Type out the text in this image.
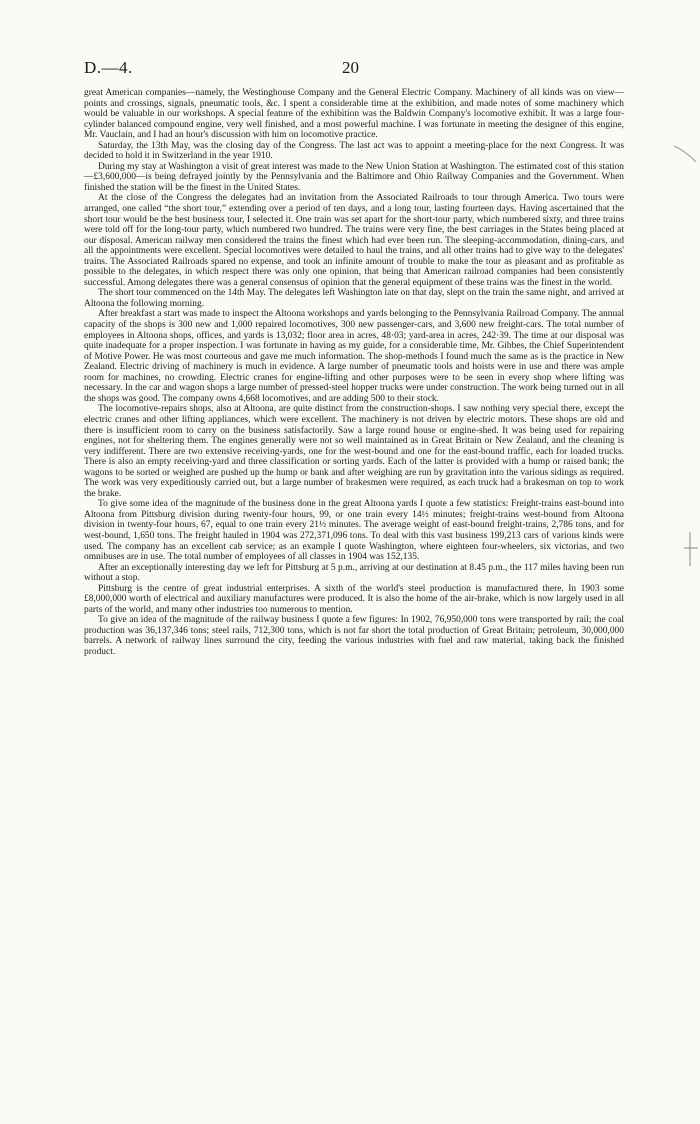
D.—4.	20

great American companies—namely, the Westinghouse Company and the General Electric Company. Machinery of all kinds was on view—points and crossings, signals, pneumatic tools, &c. I spent a considerable time at the exhibition, and made notes of some machinery which would be valuable in our workshops. A special feature of the exhibition was the Baldwin Company's locomotive exhibit. It was a large four-cylinder balanced compound engine, very well finished, and a most powerful machine. I was fortunate in meeting the designer of this engine, Mr. Vauclain, and I had an hour's discussion with him on locomotive practice.

Saturday, the 13th May, was the closing day of the Congress. The last act was to appoint a meeting-place for the next Congress. It was decided to hold it in Switzerland in the year 1910.

During my stay at Washington a visit of great interest was made to the New Union Station at Washington. The estimated cost of this station—£3,600,000—is being defrayed jointly by the Pennsylvania and the Baltimore and Ohio Railway Companies and the Government. When finished the station will be the finest in the United States.

At the close of the Congress the delegates had an invitation from the Associated Railroads to tour through America. Two tours were arranged, one called “the short tour,” extending over a period of ten days, and a long tour, lasting fourteen days. Having ascertained that the short tour would be the best business tour, I selected it. One train was set apart for the short-tour party, which numbered sixty, and three trains were told off for the long-tour party, which numbered two hundred. The trains were very fine, the best carriages in the States being placed at our disposal. American railway men considered the trains the finest which had ever been run. The sleeping-accommodation, dining-cars, and all the appointments were excellent. Special locomotives were detailed to haul the trains, and all other trains had to give way to the delegates' trains. The Associated Railroads spared no expense, and took an infinite amount of trouble to make the tour as pleasant and as profitable as possible to the delegates, in which respect there was only one opinion, that being that American railroad companies had been consistently successful. Among delegates there was a general consensus of opinion that the general equipment of these trains was the finest in the world.

The short tour commenced on the 14th May. The delegates left Washington late on that day, slept on the train the same night, and arrived at Altoona the following morning.

After breakfast a start was made to inspect the Altoona workshops and yards belonging to the Pennsylvania Railroad Company. The annual capacity of the shops is 300 new and 1,000 repaired locomotives, 300 new passenger-cars, and 3,600 new freight-cars. The total number of employees in Altoona shops, offices, and yards is 13,032; floor area in acres, 48·03; yard-area in acres, 242·39. The time at our disposal was quite inadequate for a proper inspection. I was fortunate in having as my guide, for a considerable time, Mr. Gibbes, the Chief Superintendent of Motive Power. He was most courteous and gave me much information. The shop-methods I found much the same as is the practice in New Zealand. Electric driving of machinery is much in evidence. A large number of pneumatic tools and hoists were in use and there was ample room for machines, no crowding. Electric cranes for engine-lifting and other purposes were to be seen in every shop where lifting was necessary. In the car and wagon shops a large number of pressed-steel hopper trucks were under construction. The work being turned out in all the shops was good. The company owns 4,668 locomotives, and are adding 500 to their stock.

The locomotive-repairs shops, also at Altoona, are quite distinct from the construction-shops. I saw nothing very special there, except the electric cranes and other lifting appliances, which were excellent. The machinery is not driven by electric motors. These shops are old and there is insufficient room to carry on the business satisfactorily. Saw a large round house or engine-shed. It was being used for repairing engines, not for sheltering them. The engines generally were not so well maintained as in Great Britain or New Zealand, and the cleaning is very indifferent. There are two extensive receiving-yards, one for the west-bound and one for the east-bound traffic, each for loaded trucks. There is also an empty receiving-yard and three classification or sorting yards. Each of the latter is provided with a hump or raised bank; the wagons to be sorted or weighed are pushed up the hump or bank and after weighing are run by gravitation into the various sidings as required. The work was very expeditiously carried out, but a large number of brakesmen were required, as each truck had a brakesman on top to work the brake.

To give some idea of the magnitude of the business done in the great Altoona yards I quote a few statistics: Freight-trains east-bound into Altoona from Pittsburg division during twenty-four hours, 99, or one train every 14½ minutes; freight-trains west-bound from Altoona division in twenty-four hours, 67, equal to one train every 21½ minutes. The average weight of east-bound freight-trains, 2,786 tons, and for west-bound, 1,650 tons. The freight hauled in 1904 was 272,371,096 tons. To deal with this vast business 199,213 cars of various kinds were used. The company has an excellent cab service; as an example I quote Washington, where eighteen four-wheelers, six victorias, and two omnibuses are in use. The total number of employees of all classes in 1904 was 152,135.

After an exceptionally interesting day we left for Pittsburg at 5 p.m., arriving at our destination at 8.45 p.m., the 117 miles having been run without a stop.

Pittsburg is the centre of great industrial enterprises. A sixth of the world's steel production is manufactured there. In 1903 some £8,000,000 worth of electrical and auxiliary manufactures were produced. It is also the home of the air-brake, which is now largely used in all parts of the world, and many other industries too numerous to mention.

To give an idea of the magnitude of the railway business I quote a few figures: In 1902, 76,950,000 tons were transported by rail; the coal production was 36,137,346 tons; steel rails, 712,300 tons, which is not far short the total production of Great Britain; petroleum, 30,000,000 barrels. A network of railway lines surround the city, feeding the various industries with fuel and raw material, taking back the finished product.
